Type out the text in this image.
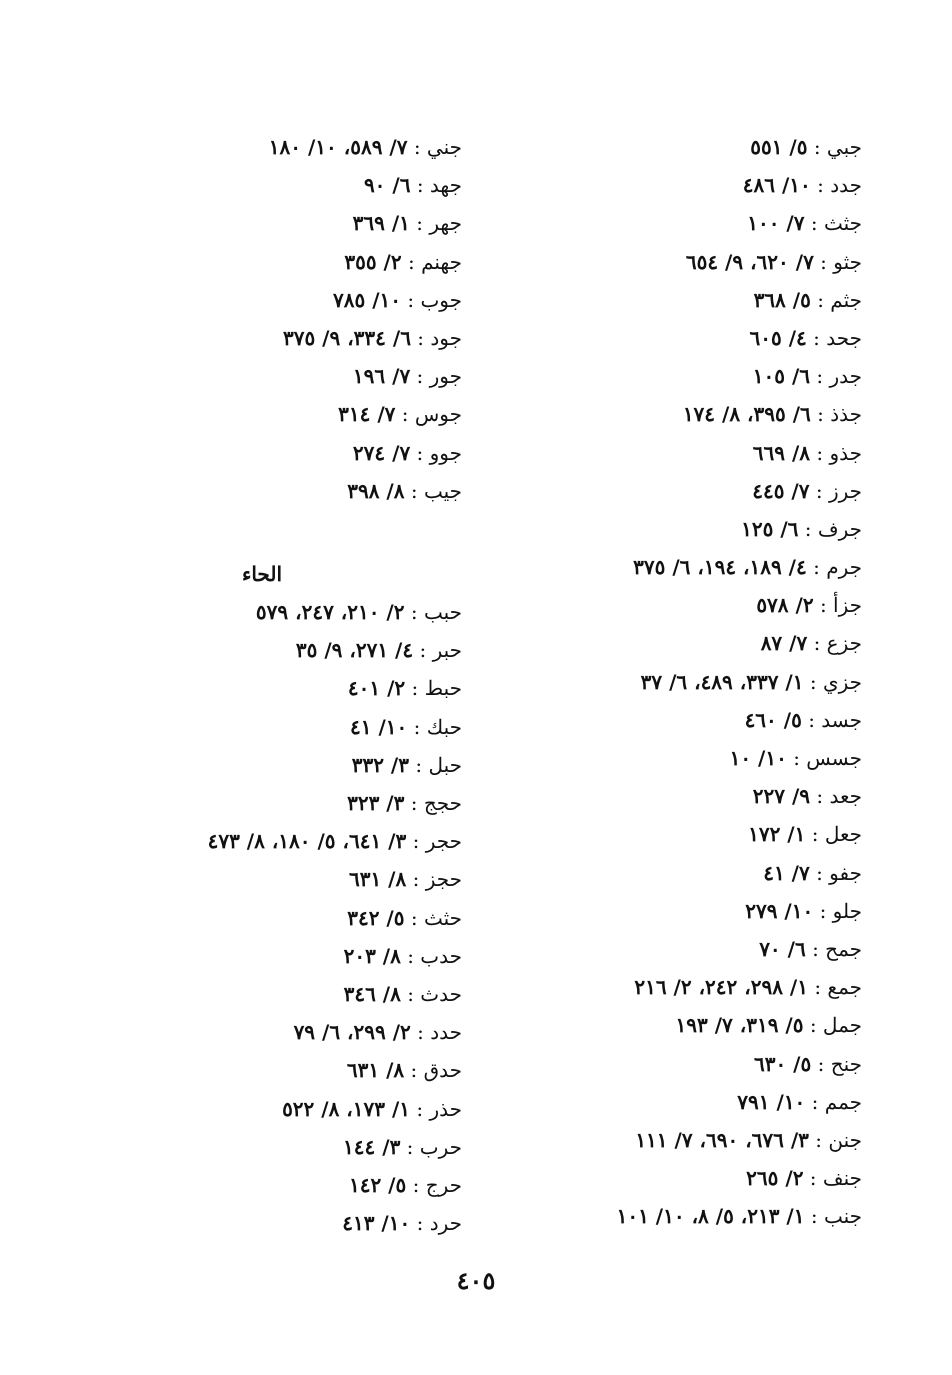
جبي : ٥/ ٥٥١
جدد : ١٠/ ٤٨٦
جثث : ٧/ ١٠٠
جثو : ٧/ ٦٢٠، ٩/ ٦٥٤
جثم : ٥/ ٣٦٨
جحد : ٤/ ٦٠٥
جدر : ٦/ ١٠٥
جذذ : ٦/ ٣٩٥، ٨/ ١٧٤
جذو : ٨/ ٦٦٩
جرز : ٧/ ٤٤٥
جرف : ٦/ ١٢٥
جرم : ٤/ ١٨٩، ١٩٤، ٦/ ٣٧٥
جزأ : ٢/ ٥٧٨
جزع : ٧/ ٨٧
جزي : ١/ ٣٣٧، ٤٨٩، ٦/ ٣٧
جسد : ٥/ ٤٦٠
جسس : ١٠/ ١٠
جعد : ٩/ ٢٢٧
جعل : ١/ ١٧٢
جفو : ٧/ ٤١
جلو : ١٠/ ٢٧٩
جمح : ٦/ ٧٠
جمع : ١/ ٢٩٨، ٢٤٢، ٢/ ٢١٦
جمل : ٥/ ٣١٩، ٧/ ١٩٣
جنح : ٥/ ٦٣٠
جمم : ١٠/ ٧٩١
جنن : ٣/ ٦٧٦، ٦٩٠، ٧/ ١١١
جنف : ٢/ ٢٦٥
جنب : ١/ ٢١٣، ٥/ ٨، ١٠/ ١٠١
جني : ٧/ ٥٨٩، ١٠/ ١٨٠
جهد : ٦/ ٩٠
جهر : ١/ ٣٦٩
جهنم : ٢/ ٣٥٥
جوب : ١٠/ ٧٨٥
جود : ٦/ ٣٣٤، ٩/ ٣٧٥
جور : ٧/ ١٩٦
جوس : ٧/ ٣١٤
جوو : ٧/ ٢٧٤
جيب : ٨/ ٣٩٨
الحاء
حبب : ٢/ ٢١٠، ٢٤٧، ٥٧٩
حبر : ٤/ ٢٧١، ٩/ ٣٥
حبط : ٢/ ٤٠١
حبك : ١٠/ ٤١
حبل : ٣/ ٣٣٢
حجج : ٣/ ٣٢٣
حجر : ٣/ ٦٤١، ٥/ ١٨٠، ٨/ ٤٧٣
حجز : ٨/ ٦٣١
حثث : ٥/ ٣٤٢
حدب : ٨/ ٢٠٣
حدث : ٨/ ٣٤٦
حدد : ٢/ ٢٩٩، ٦/ ٧٩
حدق : ٨/ ٦٣١
حذر : ١/ ١٧٣، ٨/ ٥٢٢
حرب : ٣/ ١٤٤
حرج : ٥/ ١٤٢
حرد : ١٠/ ٤١٣
٤٠٥
